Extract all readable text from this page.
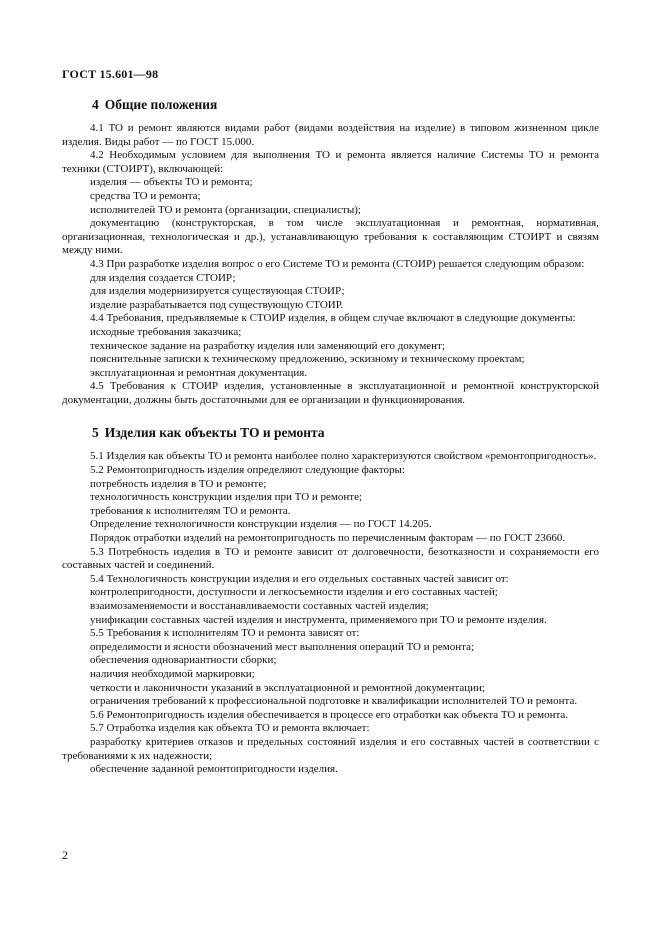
ГОСТ 15.601—98
4 Общие положения

4.1 ТО и ремонт являются видами работ (видами воздействия на изделие) в типовом жизненном цикле изделия. Виды работ — по ГОСТ 15.000.

4.2 Необходимым условием для выполнения ТО и ремонта является наличие Системы ТО и ремонта техники (СТОИРТ), включающей:

изделия — объекты ТО и ремонта;

средства ТО и ремонта;

исполнителей ТО и ремонта (организации, специалисты);

документацию (конструкторская, в том числе эксплуатационная и ремонтная, нормативная, организационная, технологическая и др.), устанавливающую требования к составляющим СТОИРТ и связям между ними.

4.3 При разработке изделия вопрос о его Системе ТО и ремонта (СТОИР) решается следующим образом:

для изделия создается СТОИР;

для изделия модернизируется существующая СТОИР;

изделие разрабатывается под существующую СТОИР.

4.4 Требования, предъявляемые к СТОИР изделия, в общем случае включают в следующие документы:

исходные требования заказчика;

техническое задание на разработку изделия или заменяющий его документ;

пояснительные записки к техническому предложению, эскизному и техническому проектам;

эксплуатационная и ремонтная документация.

4.5 Требования к СТОИР изделия, установленные в эксплуатационной и ремонтной конструкторской документации, должны быть достаточными для ее организации и функционирования.

5 Изделия как объекты ТО и ремонта

5.1 Изделия как объекты ТО и ремонта наиболее полно характеризуются свойством «ремонтопригодность».

5.2 Ремонтопригодность изделия определяют следующие факторы:

потребность изделия в ТО и ремонте;

технологичность конструкции изделия при ТО и ремонте;

требования к исполнителям ТО и ремонта.

Определение технологичности конструкции изделия — по ГОСТ 14.205.

Порядок отработки изделий на ремонтопригодность по перечисленным факторам — по ГОСТ 23660.

5.3 Потребность изделия в ТО и ремонте зависит от долговечности, безотказности и сохраняемости его составных частей и соединений.

5.4 Технологичность конструкции изделия и его отдельных составных частей зависит от:

контролепригодности, доступности и легкосъемности изделия и его составных частей;

взаимозаменяемости и восстанавливаемости составных частей изделия;

унификации составных частей изделия и инструмента, применяемого при ТО и ремонте изделия.

5.5 Требования к исполнителям ТО и ремонта зависят от:

определимости и ясности обозначений мест выполнения операций ТО и ремонта;

обеспечения одновариантности сборки;

наличия необходимой маркировки;

четкости и лаконичности указаний в эксплуатационной и ремонтной документации;

ограничения требований к профессиональной подготовке и квалификации исполнителей ТО и ремонта.

5.6 Ремонтопригодность изделия обеспечивается в процессе его отработки как объекта ТО и ремонта.

5.7 Отработка изделия как объекта ТО и ремонта включает:

разработку критериев отказов и предельных состояний изделия и его составных частей в соответствии с требованиями к их надежности;

обеспечение заданной ремонтопригодности изделия.

2
